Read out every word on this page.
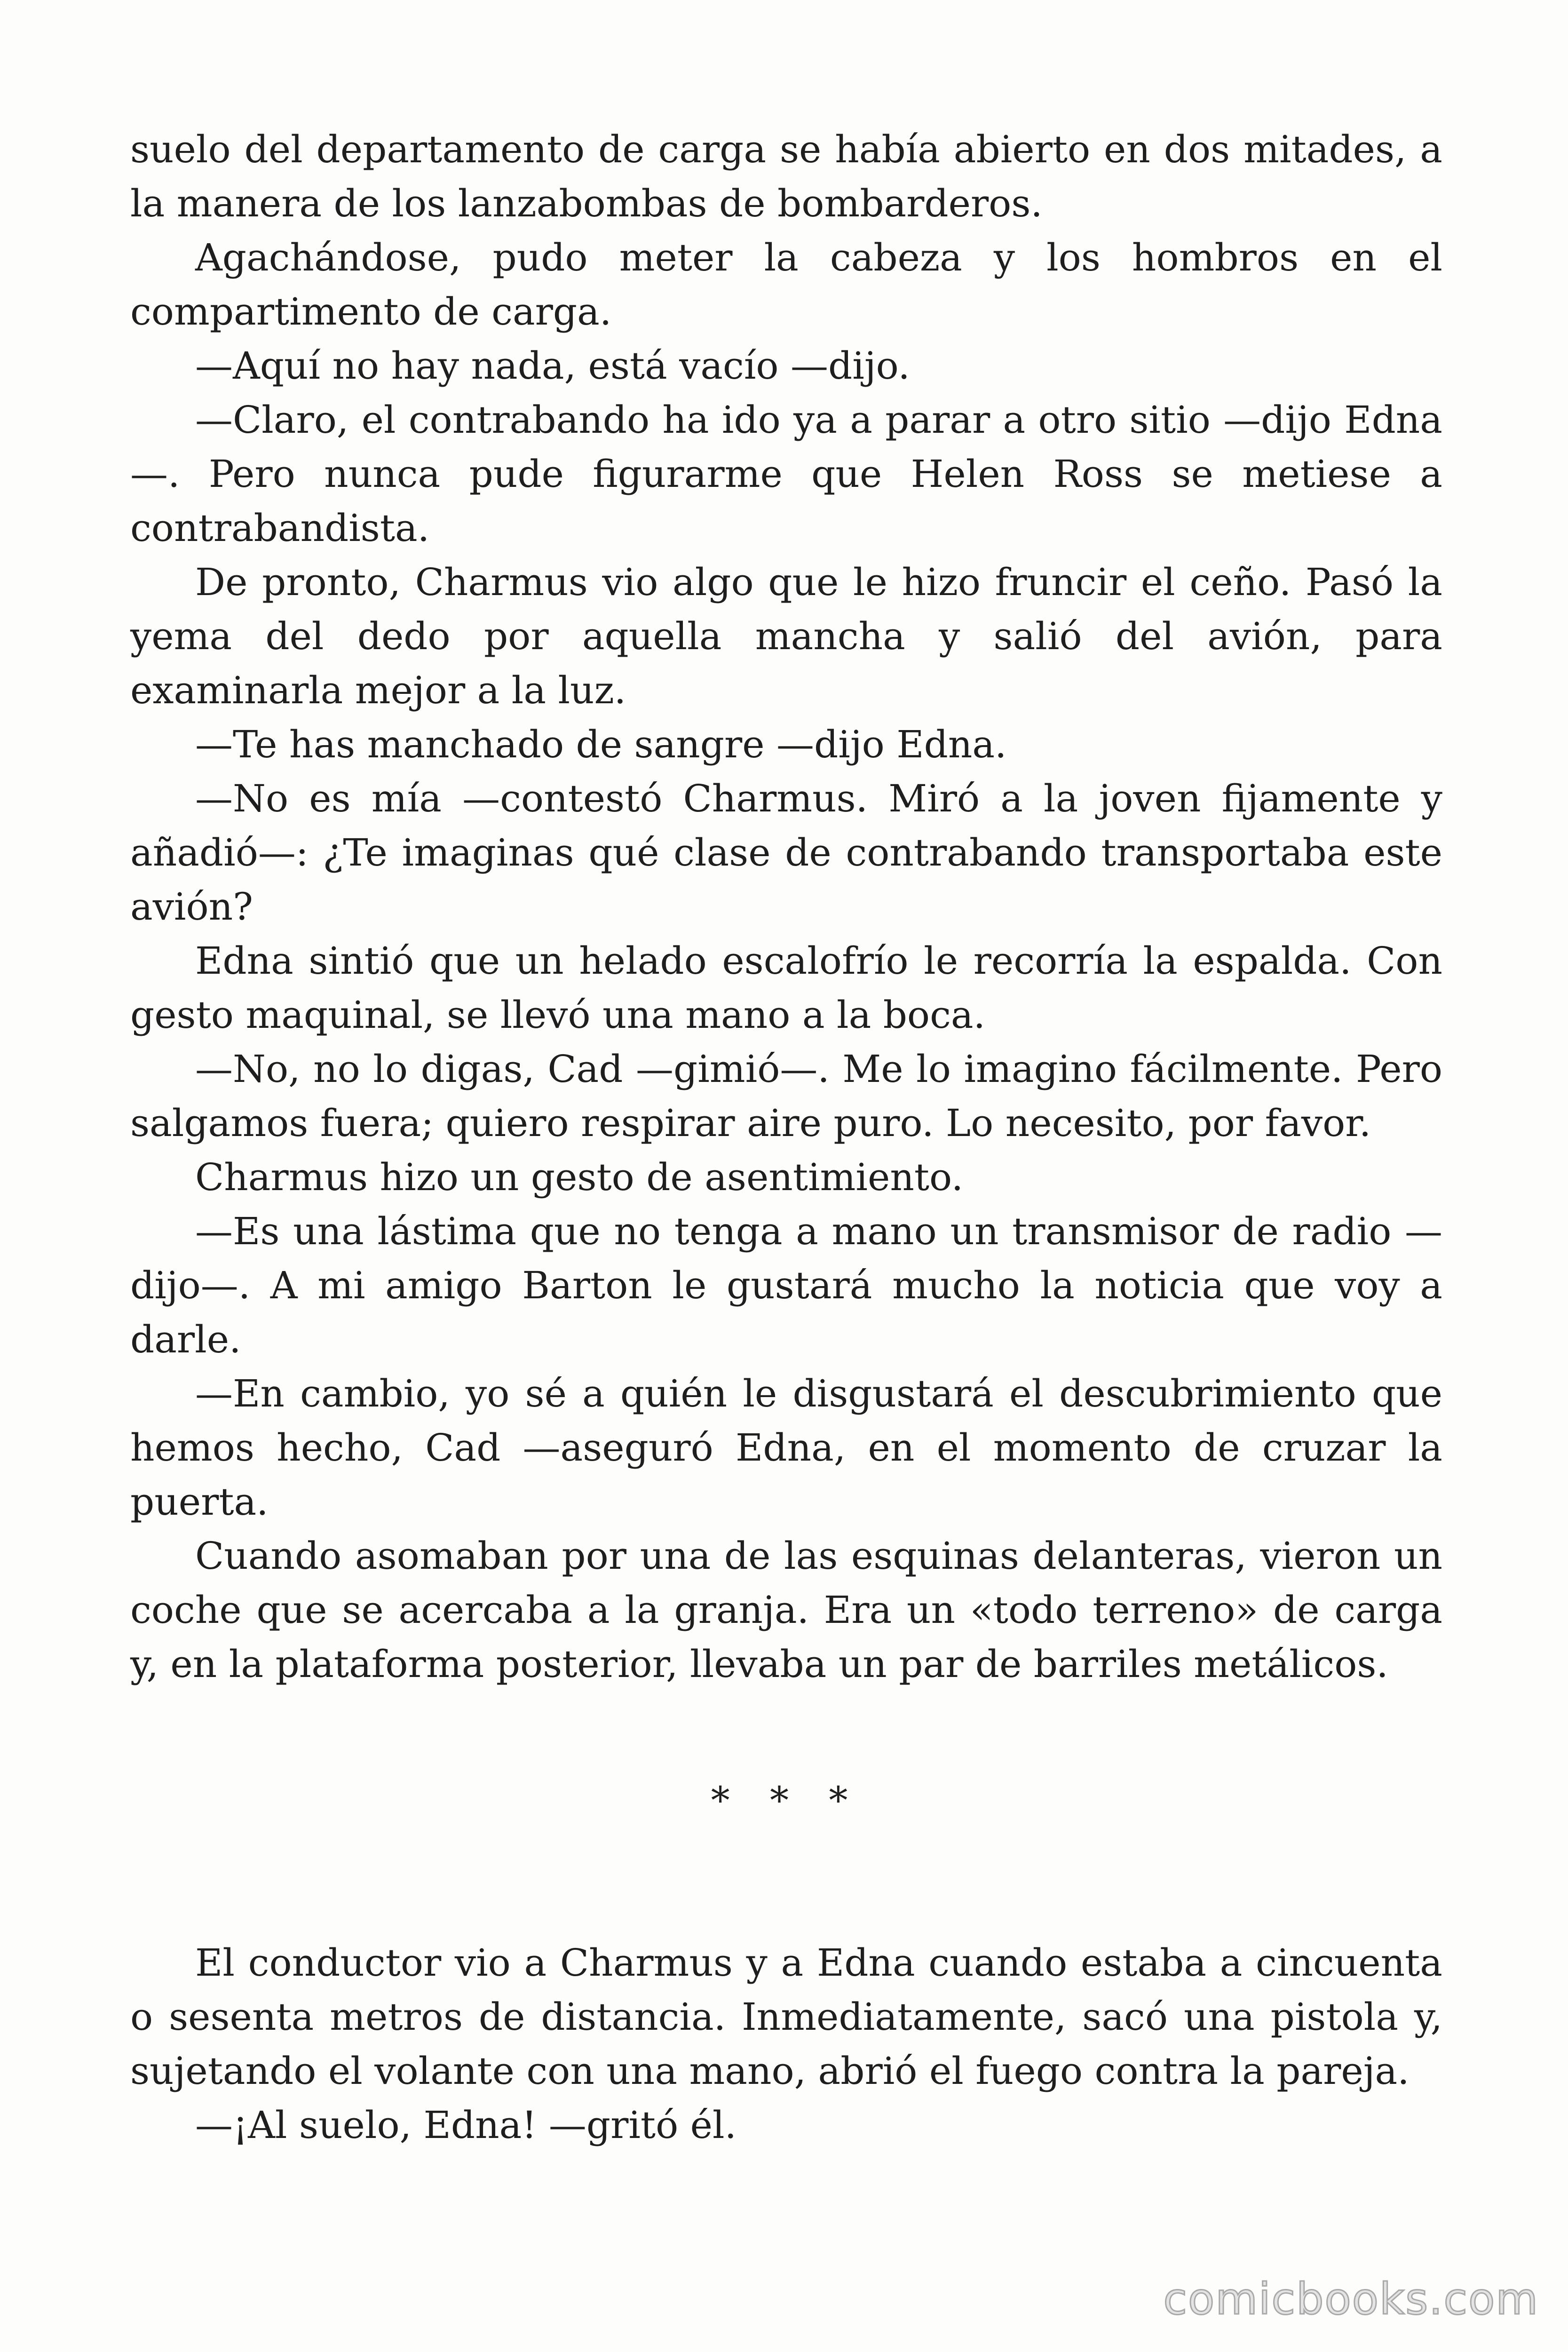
suelo del departamento de carga se había abierto en dos mitades, a la manera de los lanzabombas de bombarderos.

Agachándose, pudo meter la cabeza y los hombros en el compartimento de carga.

—Aquí no hay nada, está vacío —dijo.

—Claro, el contrabando ha ido ya a parar a otro sitio —dijo Edna—. Pero nunca pude figurarme que Helen Ross se metiese a contrabandista.

De pronto, Charmus vio algo que le hizo fruncir el ceño. Pasó la yema del dedo por aquella mancha y salió del avión, para examinarla mejor a la luz.

—Te has manchado de sangre —dijo Edna.

—No es mía —contestó Charmus. Miró a la joven fijamente y añadió—: ¿Te imaginas qué clase de contrabando transportaba este avión?

Edna sintió que un helado escalofrío le recorría la espalda. Con gesto maquinal, se llevó una mano a la boca.

—No, no lo digas, Cad —gimió—. Me lo imagino fácilmente. Pero salgamos fuera; quiero respirar aire puro. Lo necesito, por favor.

Charmus hizo un gesto de asentimiento.

—Es una lástima que no tenga a mano un transmisor de radio —dijo—. A mi amigo Barton le gustará mucho la noticia que voy a darle.

—En cambio, yo sé a quién le disgustará el descubrimiento que hemos hecho, Cad —aseguró Edna, en el momento de cruzar la puerta.

Cuando asomaban por una de las esquinas delanteras, vieron un coche que se acercaba a la granja. Era un «todo terreno» de carga y, en la plataforma posterior, llevaba un par de barriles metálicos.

* * *

El conductor vio a Charmus y a Edna cuando estaba a cincuenta o sesenta metros de distancia. Inmediatamente, sacó una pistola y, sujetando el volante con una mano, abrió el fuego contra la pareja.

—¡Al suelo, Edna! —gritó él.

comicbooks.com
